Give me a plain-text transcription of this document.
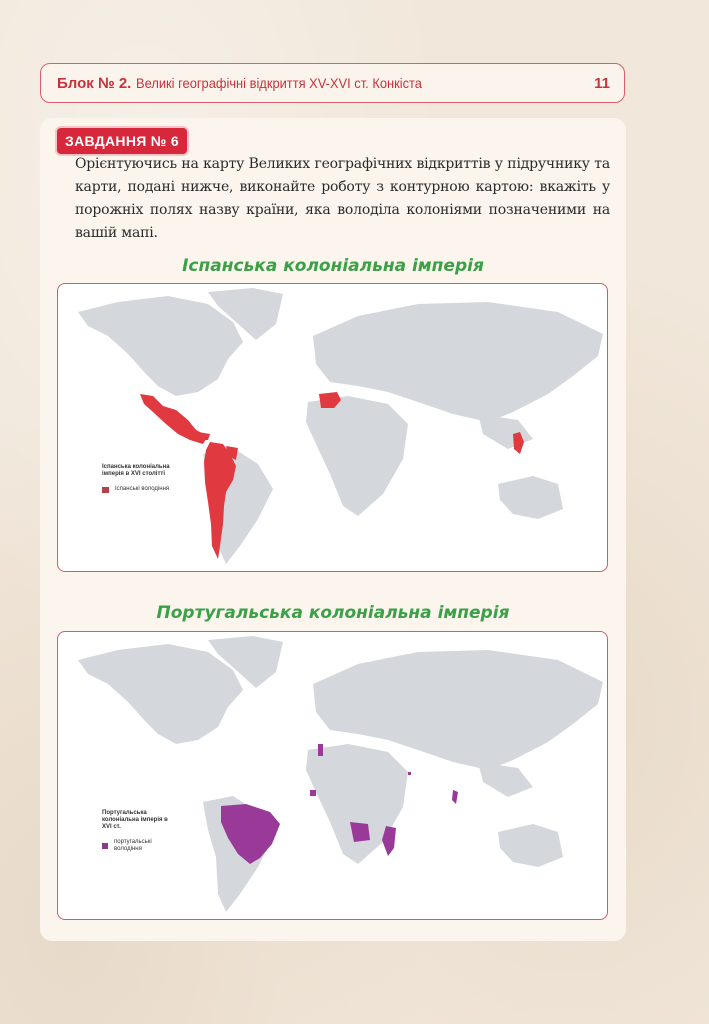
Блок № 2. Великі географічні відкриття XV-XVI ст. Конкіста	11
ЗАВДАННЯ № 6
Орієнтуючись на карту Великих географічних відкриттів у підручнику та карти, подані нижче, виконайте роботу з контурною картою: вкажіть у порожніх полях назву країни, яка володіла колоніями позначеними на вашій мапі.
Іспанська колоніальна імперія
Іспанська колоніальна імперія в XVI столітті
Іспанські володіння
Португальська колоніальна імперія
Португальська колоніальна імперія в XVI ст.
португальські володіння
